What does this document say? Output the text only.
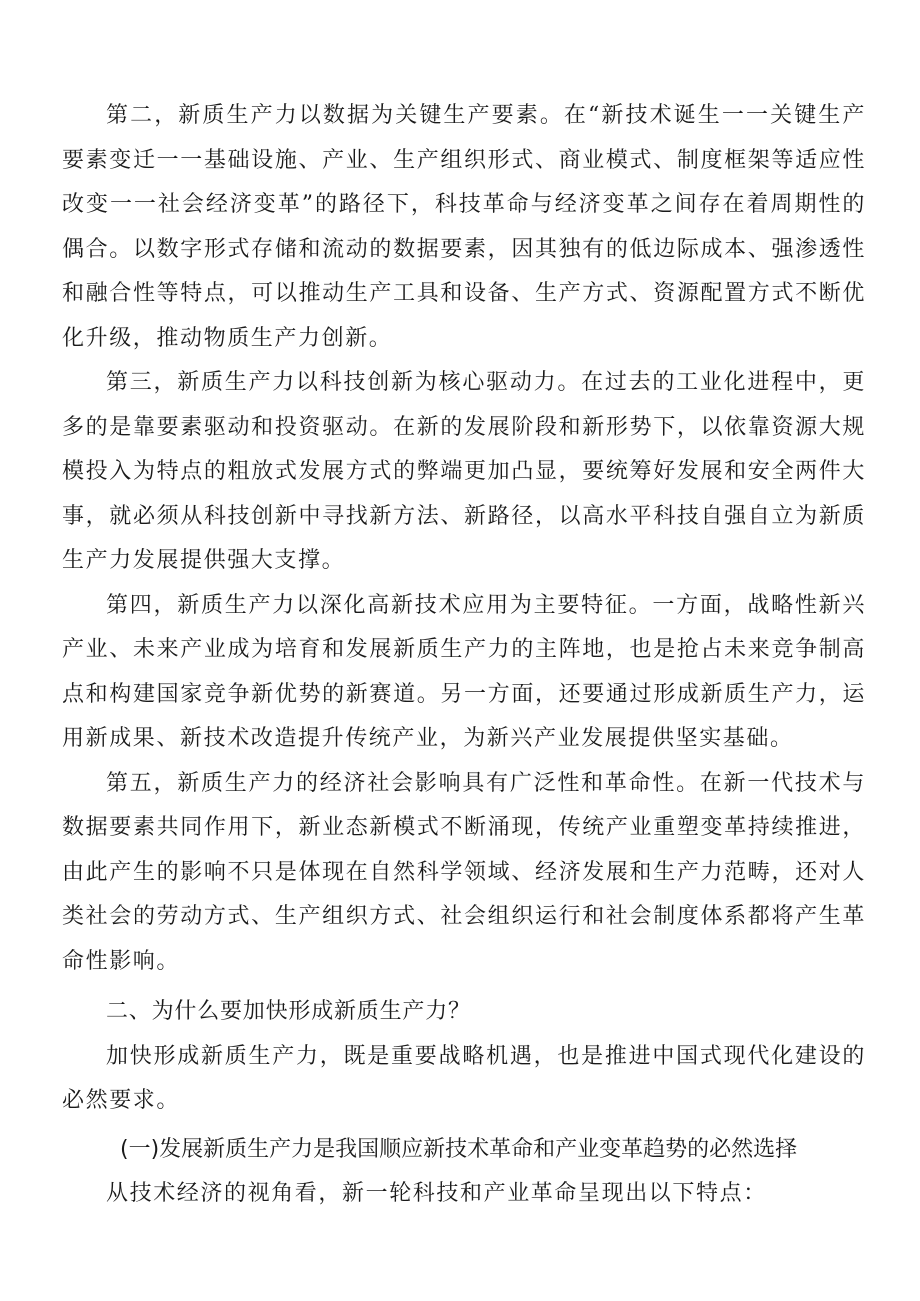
第二，新质生产力以数据为关键生产要素。在“新技术诞生一一关键生产要素变迁一一基础设施、产业、生产组织形式、商业模式、制度框架等适应性改变一一社会经济变革”的路径下，科技革命与经济变革之间存在着周期性的偶合。以数字形式存储和流动的数据要素，因其独有的低边际成本、强渗透性和融合性等特点，可以推动生产工具和设备、生产方式、资源配置方式不断优化升级，推动物质生产力创新。

第三，新质生产力以科技创新为核心驱动力。在过去的工业化进程中，更多的是靠要素驱动和投资驱动。在新的发展阶段和新形势下，以依靠资源大规模投入为特点的粗放式发展方式的弊端更加凸显，要统筹好发展和安全两件大事，就必须从科技创新中寻找新方法、新路径，以高水平科技自强自立为新质生产力发展提供强大支撑。

第四，新质生产力以深化高新技术应用为主要特征。一方面，战略性新兴产业、未来产业成为培育和发展新质生产力的主阵地，也是抢占未来竞争制高点和构建国家竞争新优势的新赛道。另一方面，还要通过形成新质生产力，运用新成果、新技术改造提升传统产业，为新兴产业发展提供坚实基础。

第五，新质生产力的经济社会影响具有广泛性和革命性。在新一代技术与数据要素共同作用下，新业态新模式不断涌现，传统产业重塑变革持续推进，由此产生的影响不只是体现在自然科学领域、经济发展和生产力范畴，还对人类社会的劳动方式、生产组织方式、社会组织运行和社会制度体系都将产生革命性影响。

二、为什么要加快形成新质生产力？

加快形成新质生产力，既是重要战略机遇，也是推进中国式现代化建设的必然要求。

(一)发展新质生产力是我国顺应新技术革命和产业变革趋势的必然选择

从技术经济的视角看，新一轮科技和产业革命呈现出以下特点：
